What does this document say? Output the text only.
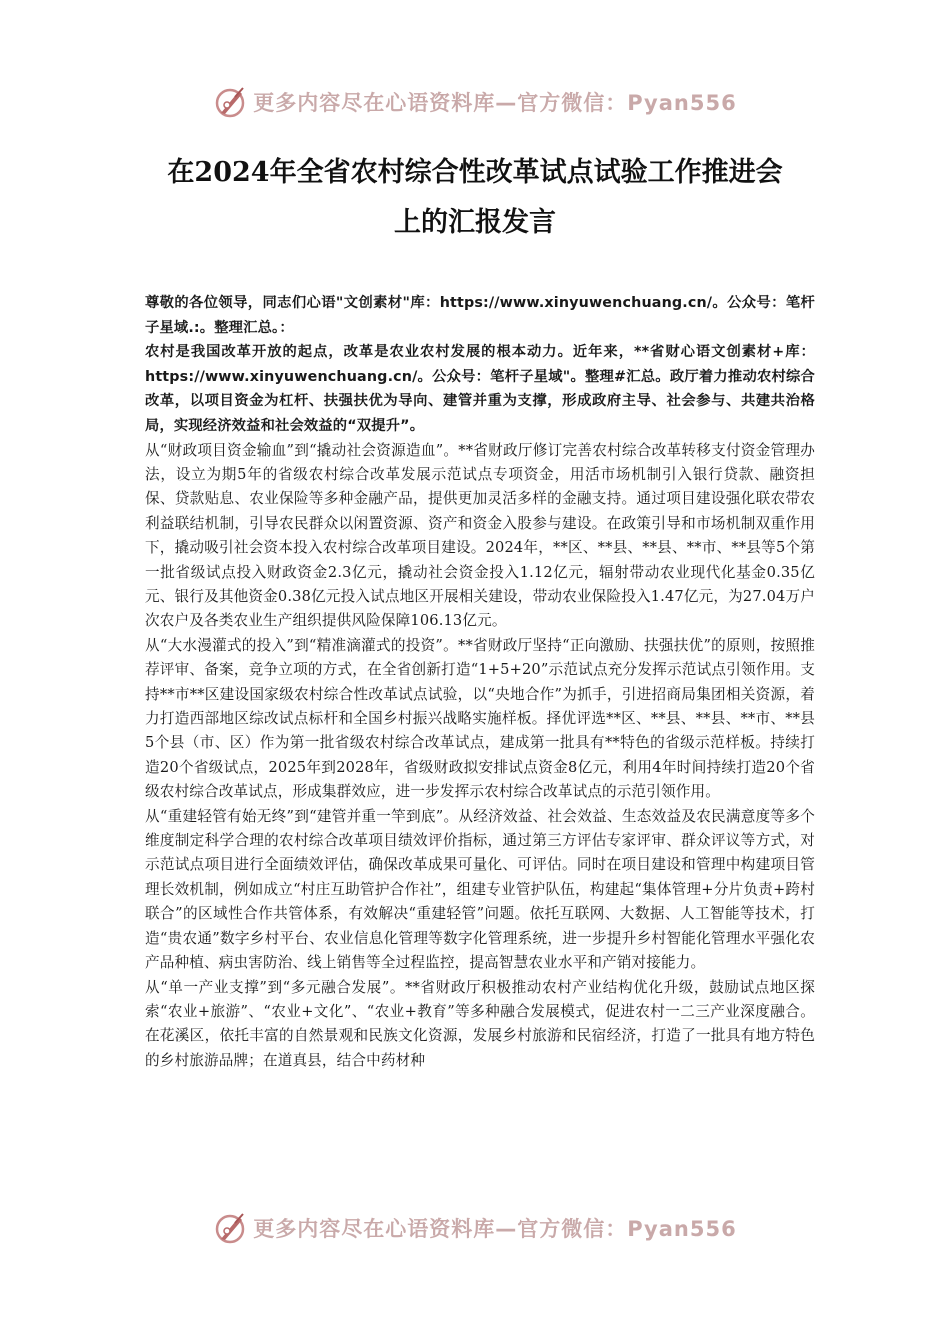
更多内容尽在心语资料库—官方微信：Pyan556
在2024年全省农村综合性改革试点试验工作推进会
上的汇报发言

尊敬的各位领导，同志们心语"文创素材"库：https://www.xinyuwenchuang.cn/。公众号：笔杆子星域.:。整理汇总。：

农村是我国改革开放的起点，改革是农业农村发展的根本动力。近年来，**省财心语文创素材+库：https://www.xinyuwenchuang.cn/。公众号：笔杆子星域"。整理#汇总。政厅着力推动农村综合改革，以项目资金为杠杆、扶强扶优为导向、建管并重为支撑，形成政府主导、社会参与、共建共治格局，实现经济效益和社会效益的“双提升”。

从“财政项目资金输血”到“撬动社会资源造血”。**省财政厅修订完善农村综合改革转移支付资金管理办法，设立为期5年的省级农村综合改革发展示范试点专项资金，用活市场机制引入银行贷款、融资担保、贷款贴息、农业保险等多种金融产品，提供更加灵活多样的金融支持。通过项目建设强化联农带农利益联结机制，引导农民群众以闲置资源、资产和资金入股参与建设。在政策引导和市场机制双重作用下，撬动吸引社会资本投入农村综合改革项目建设。2024年，**区、**县、**县、**市、**县等5个第一批省级试点投入财政资金2.3亿元，撬动社会资金投入1.12亿元，辐射带动农业现代化基金0.35亿元、银行及其他资金0.38亿元投入试点地区开展相关建设，带动农业保险投入1.47亿元，为27.04万户次农户及各类农业生产组织提供风险保障106.13亿元。

从“大水漫灌式的投入”到“精准滴灌式的投资”。**省财政厅坚持“正向激励、扶强扶优”的原则，按照推荐评审、备案，竞争立项的方式，在全省创新打造“1+5+20”示范试点充分发挥示范试点引领作用。支持**市**区建设国家级农村综合性改革试点试验，以“央地合作”为抓手，引进招商局集团相关资源，着力打造西部地区综改试点标杆和全国乡村振兴战略实施样板。择优评选**区、**县、**县、**市、**县5个县（市、区）作为第一批省级农村综合改革试点，建成第一批具有**特色的省级示范样板。持续打造20个省级试点，2025年到2028年，省级财政拟安排试点资金8亿元，利用4年时间持续打造20个省级农村综合改革试点，形成集群效应，进一步发挥示农村综合改革试点的示范引领作用。

从“重建轻管有始无终”到“建管并重一竿到底”。从经济效益、社会效益、生态效益及农民满意度等多个维度制定科学合理的农村综合改革项目绩效评价指标，通过第三方评估专家评审、群众评议等方式，对示范试点项目进行全面绩效评估，确保改革成果可量化、可评估。同时在项目建设和管理中构建项目管理长效机制，例如成立“村庄互助管护合作社”，组建专业管护队伍，构建起“集体管理+分片负责+跨村联合”的区域性合作共管体系，有效解决“重建轻管”问题。依托互联网、大数据、人工智能等技术，打造“贵农通”数字乡村平台、农业信息化管理等数字化管理系统，进一步提升乡村智能化管理水平强化农产品种植、病虫害防治、线上销售等全过程监控，提高智慧农业水平和产销对接能力。

从“单一产业支撑”到“多元融合发展”。**省财政厅积极推动农村产业结构优化升级，鼓励试点地区探索“农业+旅游”、“农业+文化”、“农业+教育”等多种融合发展模式，促进农村一二三产业深度融合。在花溪区，依托丰富的自然景观和民族文化资源，发展乡村旅游和民宿经济，打造了一批具有地方特色的乡村旅游品牌；在道真县，结合中药材种

更多内容尽在心语资料库—官方微信：Pyan556
